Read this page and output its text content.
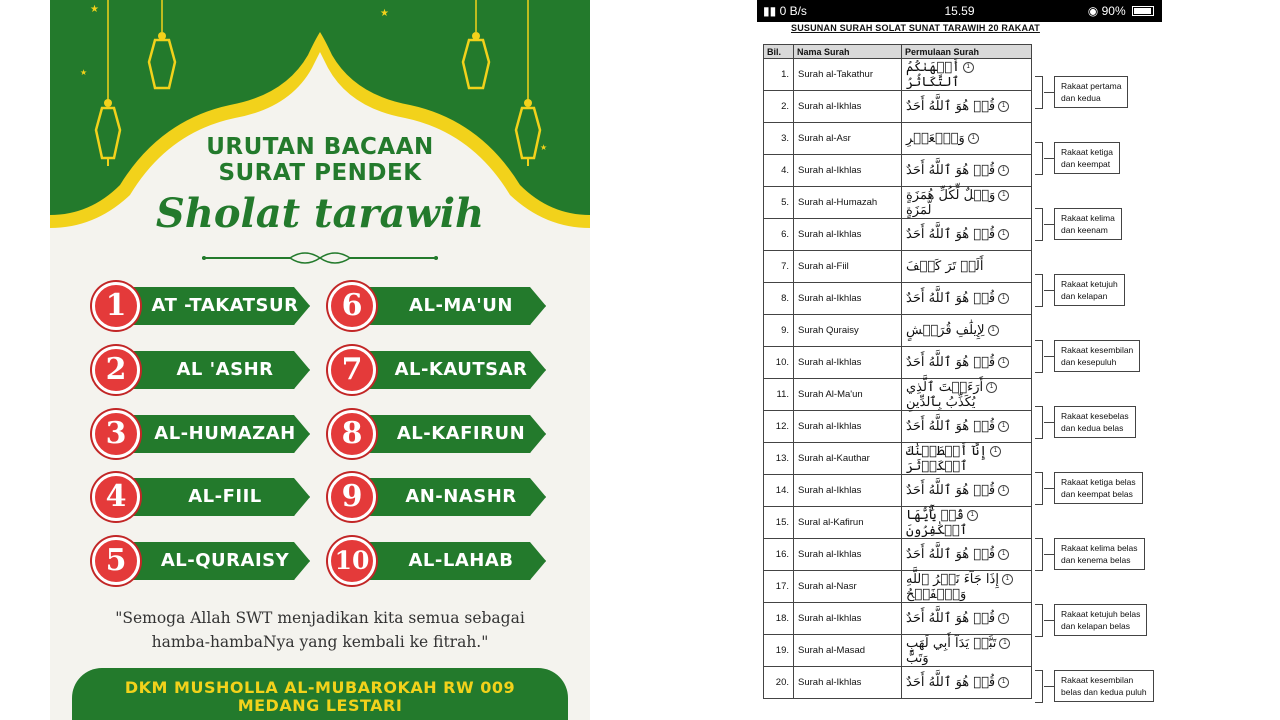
★	★
★
★
★
URUTAN BACAAN
SURAT PENDEK
Sholat tarawih
AT -TAKATSUR
1
AL 'ASHR
2
AL-HUMAZAH
3
AL-FIIL
4
AL-QURAISY
5
AL-MA'UN
6
AL-KAUTSAR
7
AL-KAFIRUN
8
AN-NASHR
9
AL-LAHAB
10
"Semoga Allah SWT menjadikan kita semua sebagai
hamba-hambaNya yang kembali ke fitrah."
DKM MUSHOLLA AL-MUBAROKAH RW 009
MEDANG LESTARI
▮▮ 0 B/s	15.59	◉ 90%
SUSUNAN SURAH SOLAT SUNAT TARAWIH 20 RAKAAT
Bil.	Nama Surah	Permulaan Surah
1.	Surah al-Takathur	1أَلۡهَىٰكُمُ ٱلتَّكَاثُرُ
2.	Surah al-Ikhlas	1قُلۡ هُوَ ٱللَّهُ أَحَدٌ
3.	Surah al-Asr	1وَٱلۡعَصۡرِ
4.	Surah al-Ikhlas	1قُلۡ هُوَ ٱللَّهُ أَحَدٌ
5.	Surah al-Humazah	1وَيۡلٌ لِّكُلِّ هُمَزَةٍ لُّمَزَةٍ
6.	Surah al-Ikhlas	1قُلۡ هُوَ ٱللَّهُ أَحَدٌ
7.	Surah al-Fiil	أَلَمۡ تَرَ كَيۡفَ
8.	Surah al-Ikhlas	1قُلۡ هُوَ ٱللَّهُ أَحَدٌ
9.	Surah Quraisy	1لِإِيلَٰفِ قُرَيۡشٍ
10.	Surah al-Ikhlas	1قُلۡ هُوَ ٱللَّهُ أَحَدٌ
11.	Surah Al-Ma'un	1أَرَءَيۡتَ ٱلَّذِي يُكَذِّبُ بِٱلدِّينِ
12.	Surah al-Ikhlas	1قُلۡ هُوَ ٱللَّهُ أَحَدٌ
13.	Surah al-Kauthar	1إِنَّآ أَعۡطَيۡنَٰكَ ٱلۡكَوۡثَرَ
14.	Surah al-Ikhlas	1قُلۡ هُوَ ٱللَّهُ أَحَدٌ
15.	Sural al-Kafirun	1قُلۡ يَٰٓأَيُّهَا ٱلۡكَٰفِرُونَ
16.	Surah al-Ikhlas	1قُلۡ هُوَ ٱللَّهُ أَحَدٌ
17.	Surah al-Nasr	1إِذَا جَآءَ نَصۡرُ ٱللَّهِ وَٱلۡفَتۡحُ
18.	Surah al-Ikhlas	1قُلۡ هُوَ ٱللَّهُ أَحَدٌ
19.	Surah al-Masad	1تَبَّتۡ يَدَآ أَبِي لَهَبٍ وَتَبَّ
20.	Surah al-Ikhlas	1قُلۡ هُوَ ٱللَّهُ أَحَدٌ
Rakaat pertama
dan kedua
Rakaat ketiga
dan keempat
Rakaat kelima
dan keenam
Rakaat ketujuh
dan kelapan
Rakaat kesembilan
dan kesepuluh
Rakaat kesebelas
dan kedua belas
Rakaat ketiga belas
dan keempat belas
Rakaat kelima belas
dan kenema belas
Rakaat ketujuh belas
dan kelapan belas
Rakaat kesembilan
belas dan kedua puluh
